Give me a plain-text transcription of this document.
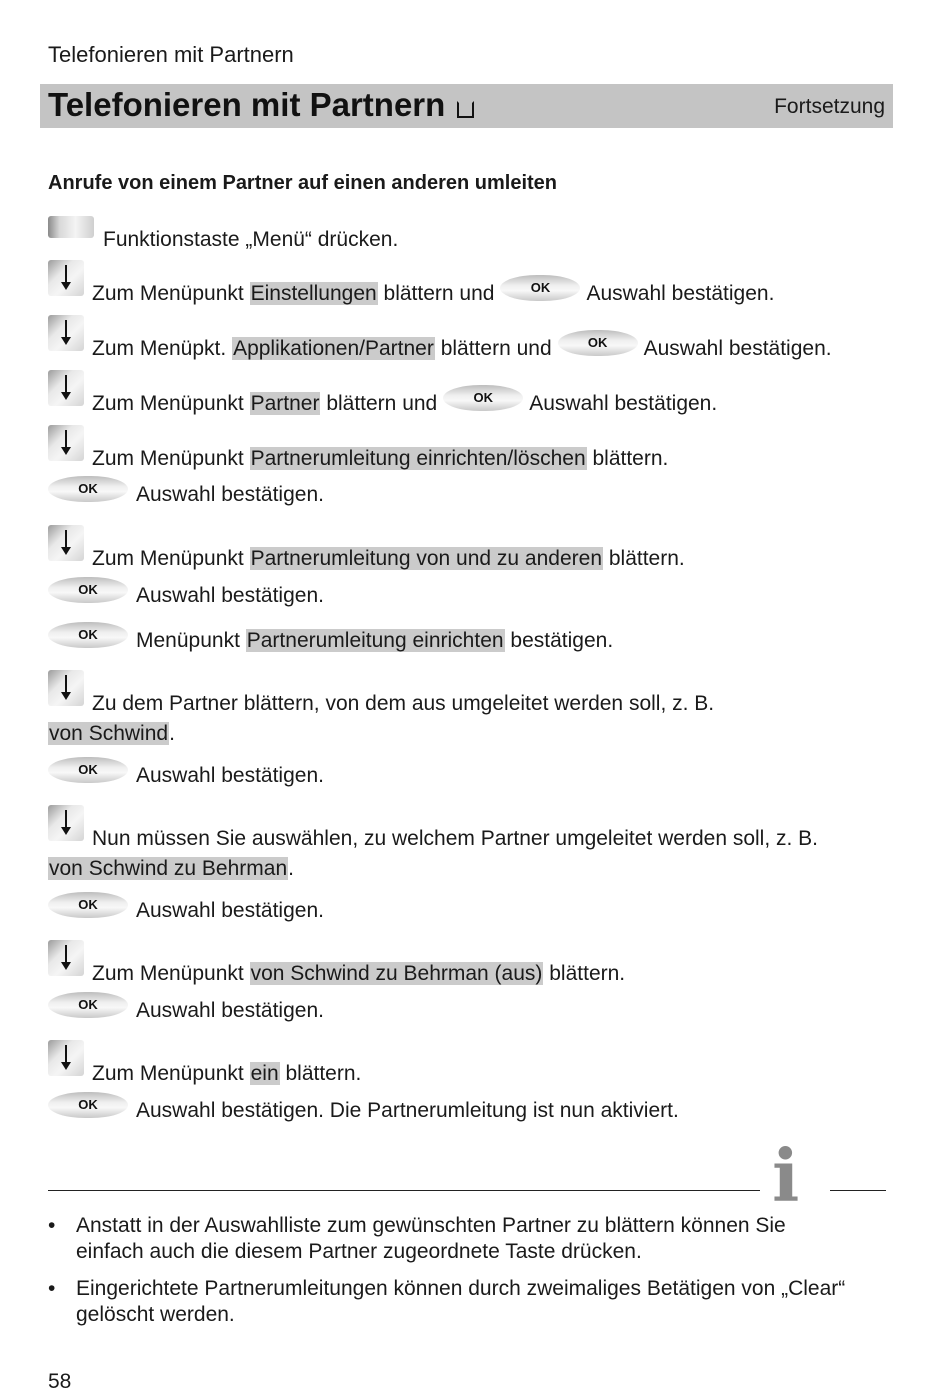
Telefonieren mit Partnern
Telefonieren mit Partnern	Fortsetzung
Anrufe von einem Partner auf einen anderen umleiten
Funktionstaste „Menü“ drücken.
Zum Menüpunkt Einstellungen blättern und	OK Auswahl bestätigen.
Zum Menüpkt. Applikationen/Partner blättern und	OK Auswahl bestätigen.
Zum Menüpunkt Partner blättern und	OK Auswahl bestätigen.
Zum Menüpunkt Partnerumleitung einrichten/löschen blättern.
OK Auswahl bestätigen.
Zum Menüpunkt Partnerumleitung von und zu anderen blättern.
OK Auswahl bestätigen.
OK Menüpunkt Partnerumleitung einrichten bestätigen.
Zu dem Partner blättern, von dem aus umgeleitet werden soll, z. B.
von Schwind.
OK Auswahl bestätigen.
Nun müssen Sie auswählen, zu welchem Partner umgeleitet werden soll, z. B.
von Schwind zu Behrman.
OK Auswahl bestätigen.
Zum Menüpunkt von Schwind zu Behrman (aus) blättern.
OK Auswahl bestätigen.
Zum Menüpunkt ein blättern.
OK Auswahl bestätigen. Die Partnerumleitung ist nun aktiviert.
i
• Anstatt in der Auswahlliste zum gewünschten Partner zu blättern können Sie einfach auch die diesem Partner zugeordnete Taste drücken.
• Eingerichtete Partnerumleitungen können durch zweimaliges Betätigen von „Clear“ gelöscht werden.
58
